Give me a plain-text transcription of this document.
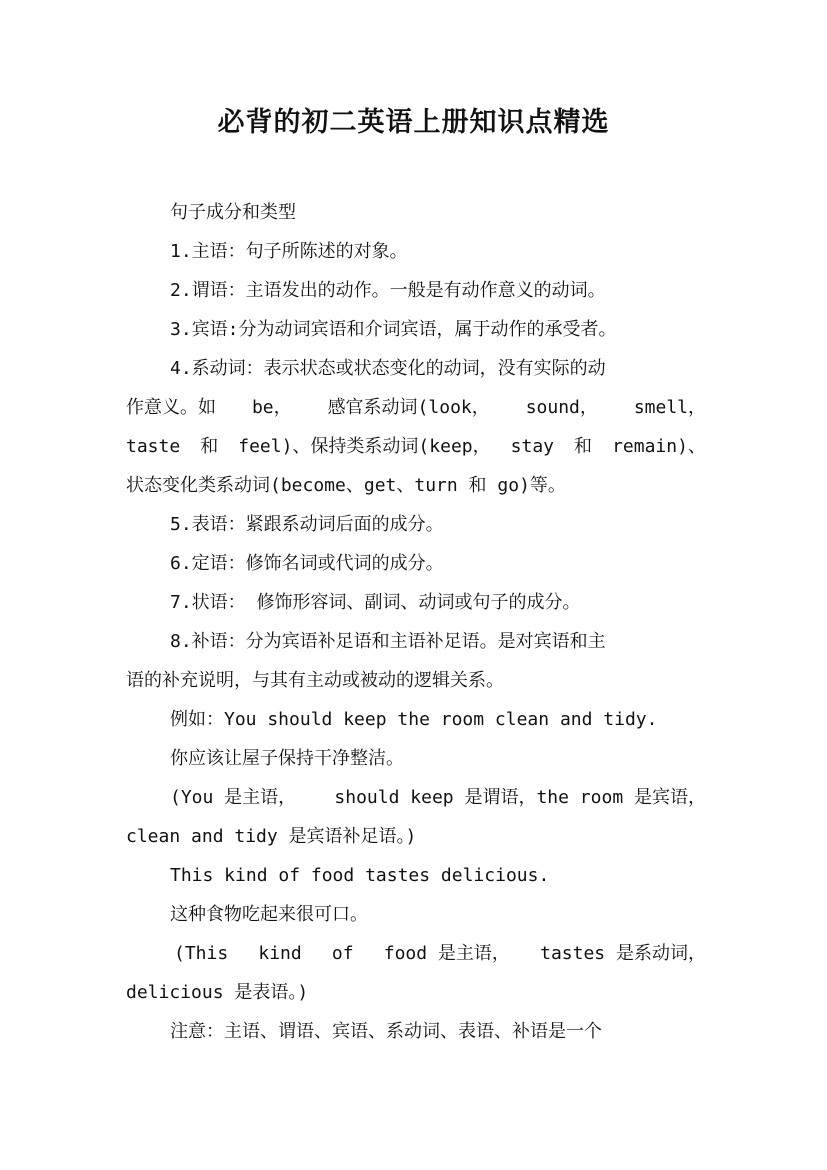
必背的初二英语上册知识点精选

句子成分和类型

1.主语：句子所陈述的对象。

2.谓语：主语发出的动作。一般是有动作意义的动词。

3.宾语:分为动词宾语和介词宾语，属于动作的承受者。

4.系动词：表示状态或状态变化的动词，没有实际的动

作意义。如 be， 感官系动词(look， sound， smell，

taste 和 feel)、保持类系动词(keep， stay 和 remain)、

状态变化类系动词(become、get、turn 和 go)等。

5.表语：紧跟系动词后面的成分。

6.定语：修饰名词或代词的成分。

7.状语： 修饰形容词、副词、动词或句子的成分。

8.补语：分为宾语补足语和主语补足语。是对宾语和主

语的补充说明，与其有主动或被动的逻辑关系。

例如：You should keep the room clean and tidy.

你应该让屋子保持干净整洁。

(You 是主语， should keep 是谓语，the room 是宾语，

clean and tidy 是宾语补足语。)

This kind of food tastes delicious.

这种食物吃起来很可口。

(This kind of food 是主语， tastes 是系动词，

delicious 是表语。)

注意：主语、谓语、宾语、系动词、表语、补语是一个
